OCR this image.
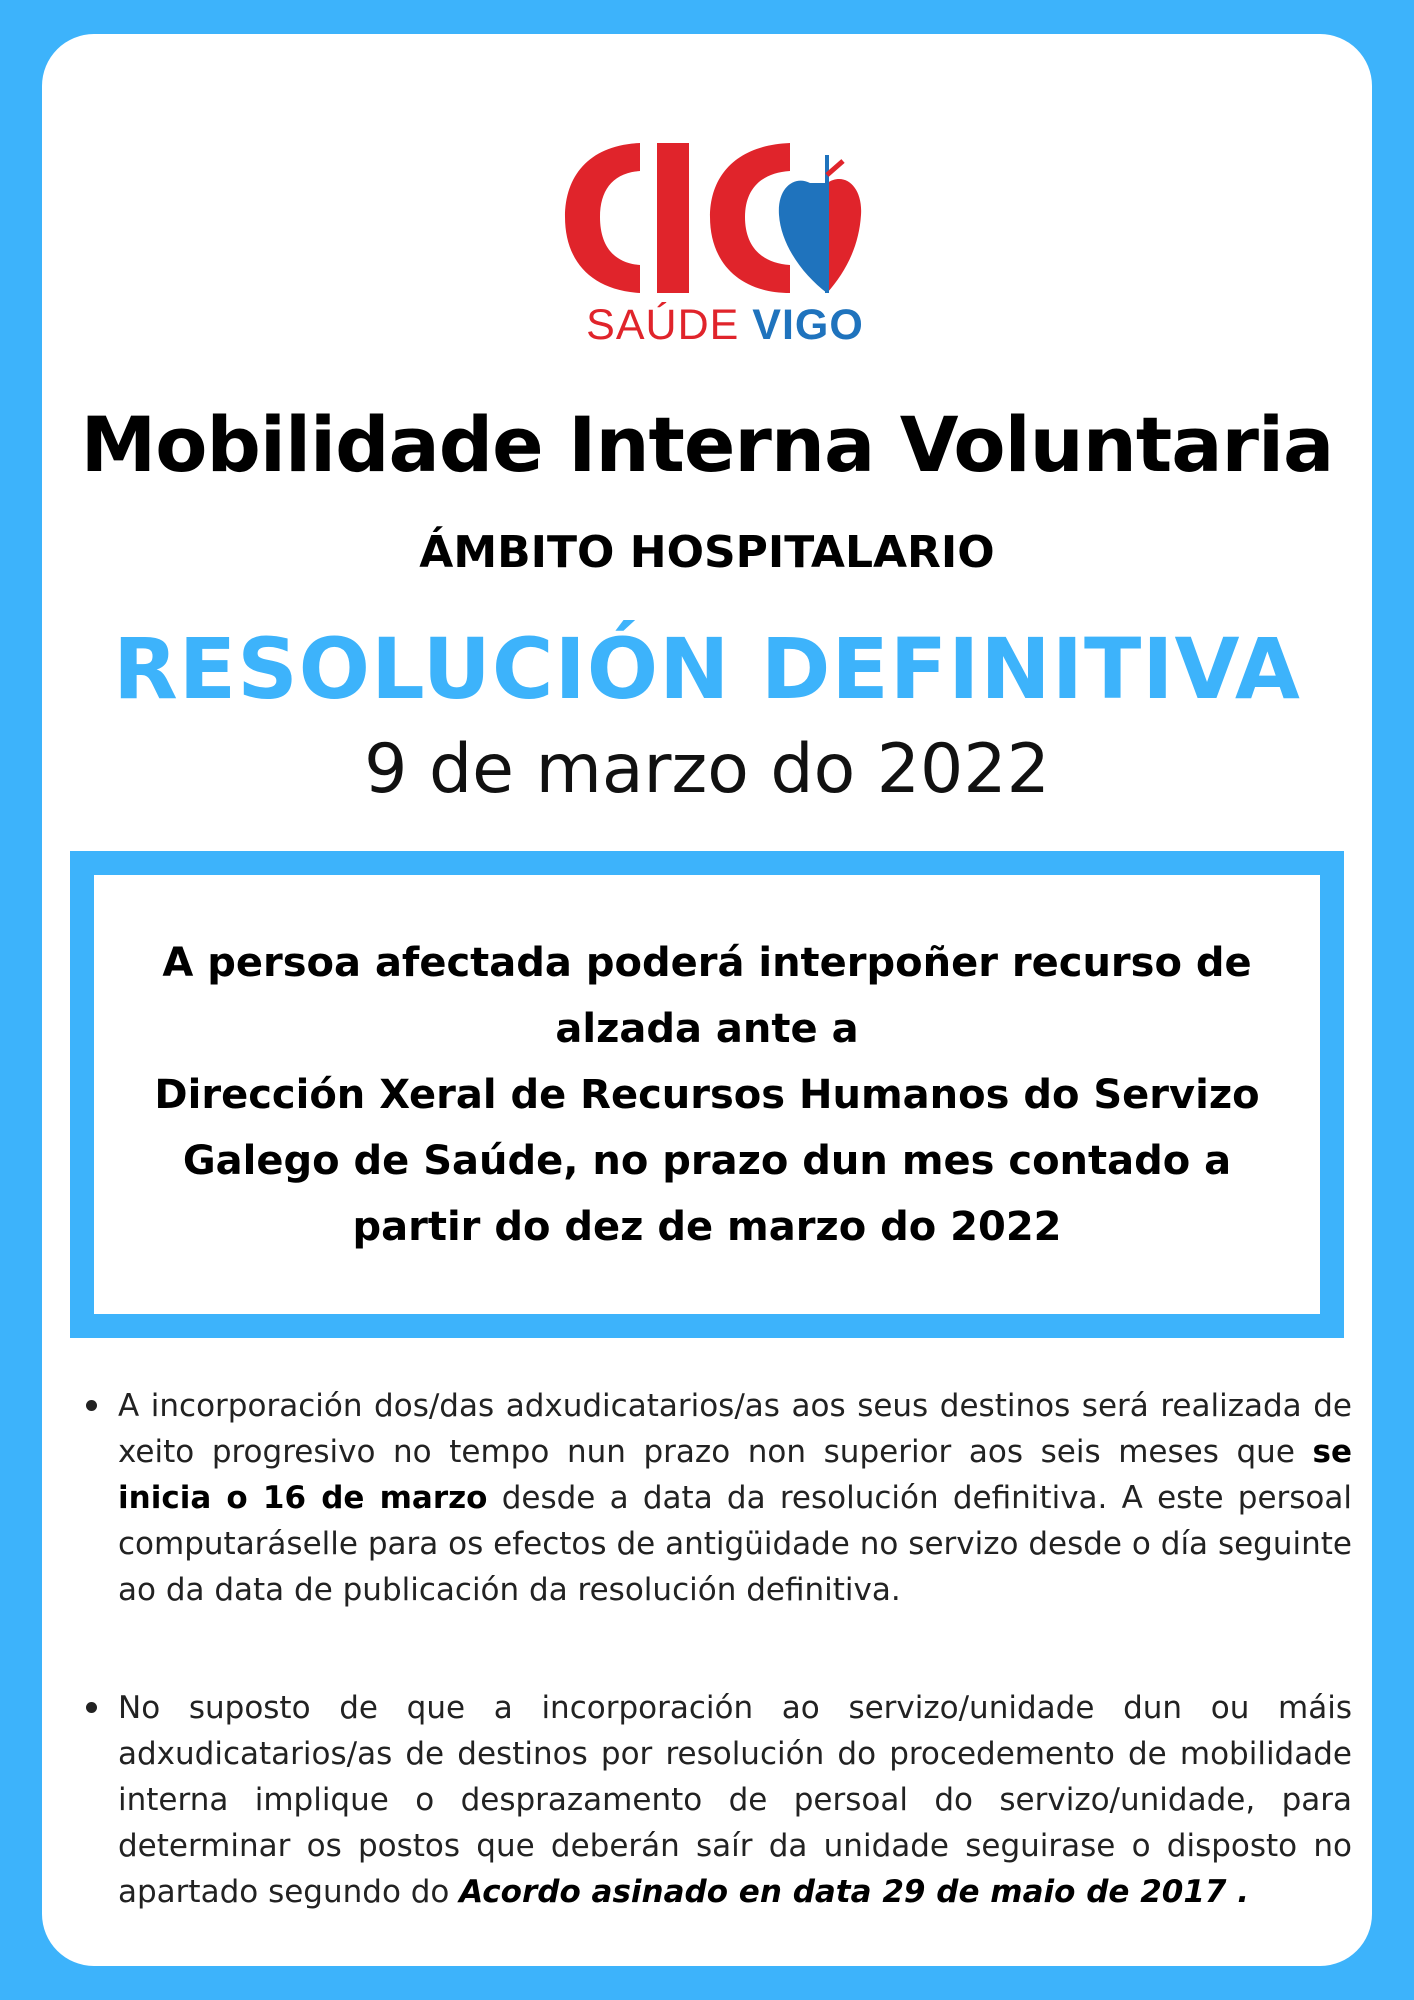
SAÚDE VIGO
Mobilidade Interna Voluntaria
ÁMBITO HOSPITALARIO
RESOLUCIÓN DEFINITIVA
9 de marzo do 2022
A persoa afectada poderá interpoñer recurso de alzada ante a
Dirección Xeral de Recursos Humanos do Servizo Galego de Saúde, no prazo dun mes contado a partir do dez de marzo do 2022
A incorporación dos/das adxudicatarios/as aos seus destinos será realizada de xeito progresivo no tempo nun prazo non superior aos seis meses que se inicia o 16 de marzo desde a data da resolución definitiva. A este persoal computaráselle para os efectos de antigüidade no servizo desde o día seguinte ao da data de publicación da resolución definitiva.
No suposto de que a incorporación ao servizo/unidade dun ou máis adxudicatarios/as de destinos por resolución do procedemento de mobilidade interna implique o desprazamento de persoal do servizo/unidade, para determinar os postos que deberán saír da unidade seguirase o disposto no apartado segundo do Acordo asinado en data 29 de maio de 2017 .
